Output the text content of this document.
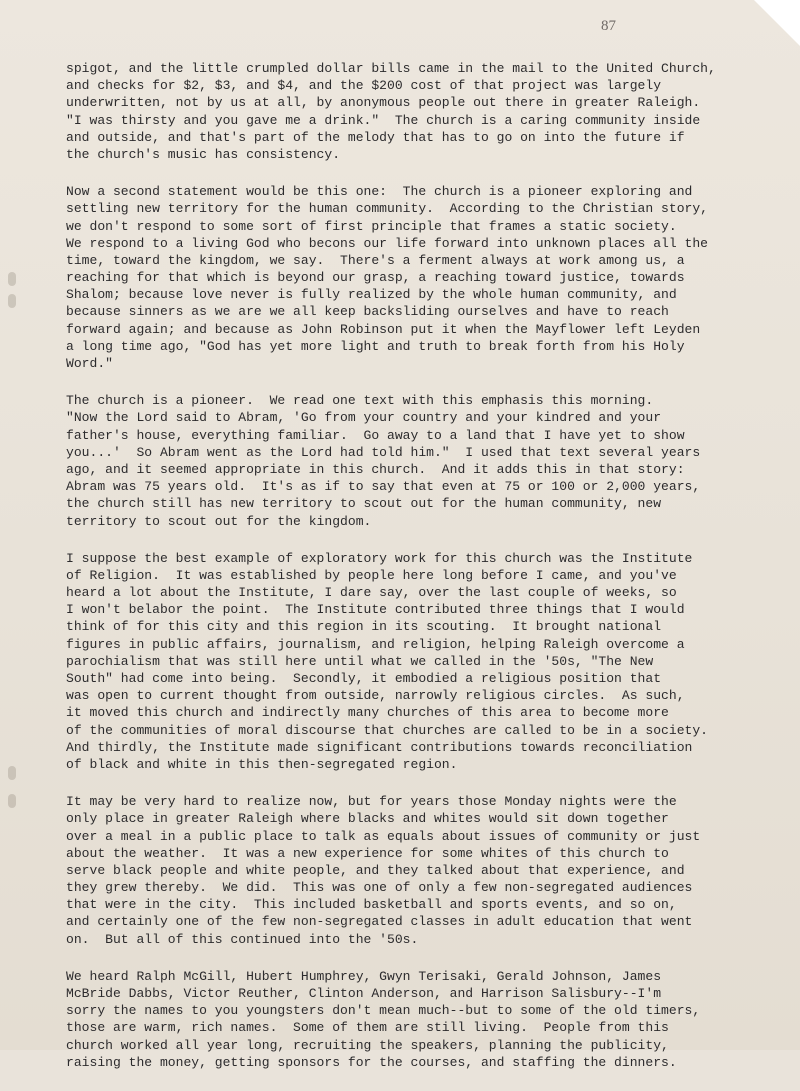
87
spigot, and the little crumpled dollar bills came in the mail to the United Church,
and checks for $2, $3, and $4, and the $200 cost of that project was largely
underwritten, not by us at all, by anonymous people out there in greater Raleigh.
"I was thirsty and you gave me a drink."  The church is a caring community inside
and outside, and that's part of the melody that has to go on into the future if
the church's music has consistency.
Now a second statement would be this one:  The church is a pioneer exploring and
settling new territory for the human community.  According to the Christian story,
we don't respond to some sort of first principle that frames a static society.
We respond to a living God who becons our life forward into unknown places all the
time, toward the kingdom, we say.  There's a ferment always at work among us, a
reaching for that which is beyond our grasp, a reaching toward justice, towards
Shalom; because love never is fully realized by the whole human community, and
because sinners as we are we all keep backsliding ourselves and have to reach
forward again; and because as John Robinson put it when the Mayflower left Leyden
a long time ago, "God has yet more light and truth to break forth from his Holy
Word."
The church is a pioneer.  We read one text with this emphasis this morning.
"Now the Lord said to Abram, 'Go from your country and your kindred and your
father's house, everything familiar.  Go away to a land that I have yet to show
you...'  So Abram went as the Lord had told him."  I used that text several years
ago, and it seemed appropriate in this church.  And it adds this in that story:
Abram was 75 years old.  It's as if to say that even at 75 or 100 or 2,000 years,
the church still has new territory to scout out for the human community, new
territory to scout out for the kingdom.
I suppose the best example of exploratory work for this church was the Institute
of Religion.  It was established by people here long before I came, and you've
heard a lot about the Institute, I dare say, over the last couple of weeks, so
I won't belabor the point.  The Institute contributed three things that I would
think of for this city and this region in its scouting.  It brought national
figures in public affairs, journalism, and religion, helping Raleigh overcome a
parochialism that was still here until what we called in the '50s, "The New
South" had come into being.  Secondly, it embodied a religious position that
was open to current thought from outside, narrowly religious circles.  As such,
it moved this church and indirectly many churches of this area to become more
of the communities of moral discourse that churches are called to be in a society.
And thirdly, the Institute made significant contributions towards reconciliation
of black and white in this then-segregated region.
It may be very hard to realize now, but for years those Monday nights were the
only place in greater Raleigh where blacks and whites would sit down together
over a meal in a public place to talk as equals about issues of community or just
about the weather.  It was a new experience for some whites of this church to
serve black people and white people, and they talked about that experience, and
they grew thereby.  We did.  This was one of only a few non-segregated audiences
that were in the city.  This included basketball and sports events, and so on,
and certainly one of the few non-segregated classes in adult education that went
on.  But all of this continued into the '50s.
We heard Ralph McGill, Hubert Humphrey, Gwyn Terisaki, Gerald Johnson, James
McBride Dabbs, Victor Reuther, Clinton Anderson, and Harrison Salisbury--I'm
sorry the names to you youngsters don't mean much--but to some of the old timers,
those are warm, rich names.  Some of them are still living.  People from this
church worked all year long, recruiting the speakers, planning the publicity,
raising the money, getting sponsors for the courses, and staffing the dinners.
